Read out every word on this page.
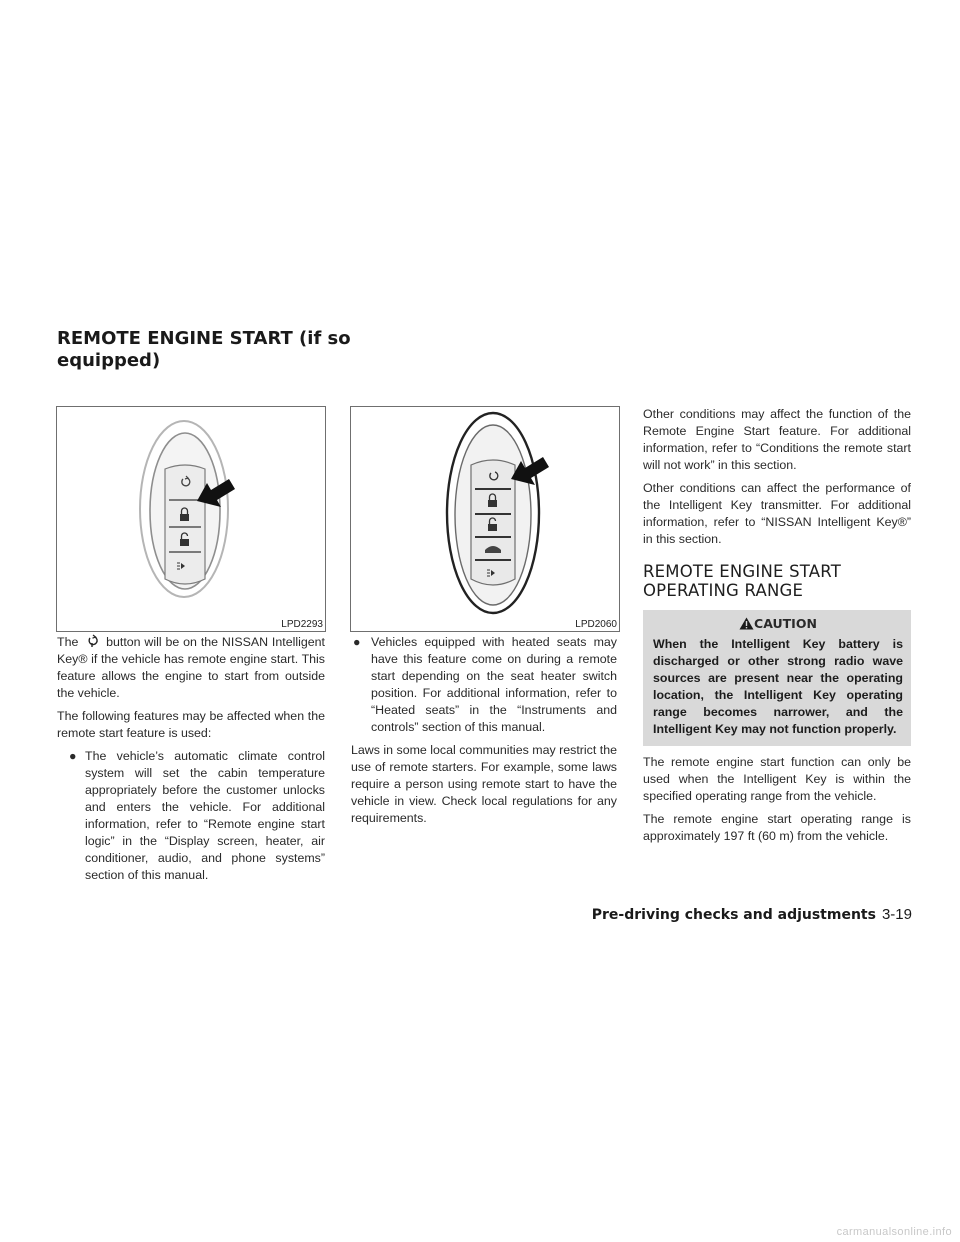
REMOTE ENGINE START (if so equipped)
LPD2293	LPD2060

The button will be on the NISSAN Intelligent Key® if the vehicle has remote engine start. This feature allows the engine to start from outside the vehicle.

The following features may be affected when the remote start feature is used:

● The vehicle’s automatic climate control system will set the cabin temperature appropriately before the customer unlocks and enters the vehicle. For additional information, refer to “Remote engine start logic” in the “Display screen, heater, air conditioner, audio, and phone systems” section of this manual.
● Vehicles equipped with heated seats may have this feature come on during a remote start depending on the seat heater switch position. For additional information, refer to “Heated seats” in the “Instruments and controls” section of this manual.

Laws in some local communities may restrict the use of remote starters. For example, some laws require a person using remote start to have the vehicle in view. Check local regulations for any requirements.

Other conditions may affect the function of the Remote Engine Start feature. For additional information, refer to “Conditions the remote start will not work” in this section.

Other conditions can affect the performance of the Intelligent Key transmitter. For additional information, refer to “NISSAN Intelligent Key®” in this section.

REMOTE ENGINE START
OPERATING RANGE
CAUTION
When the Intelligent Key battery is discharged or other strong radio wave sources are present near the operating location, the Intelligent Key operating range becomes narrower, and the Intelligent Key may not function properly.

The remote engine start function can only be used when the Intelligent Key is within the specified operating range from the vehicle.

The remote engine start operating range is approximately 197 ft (60 m) from the vehicle.

Pre-driving checks and adjustments 3-19
carmanualsonline.info
